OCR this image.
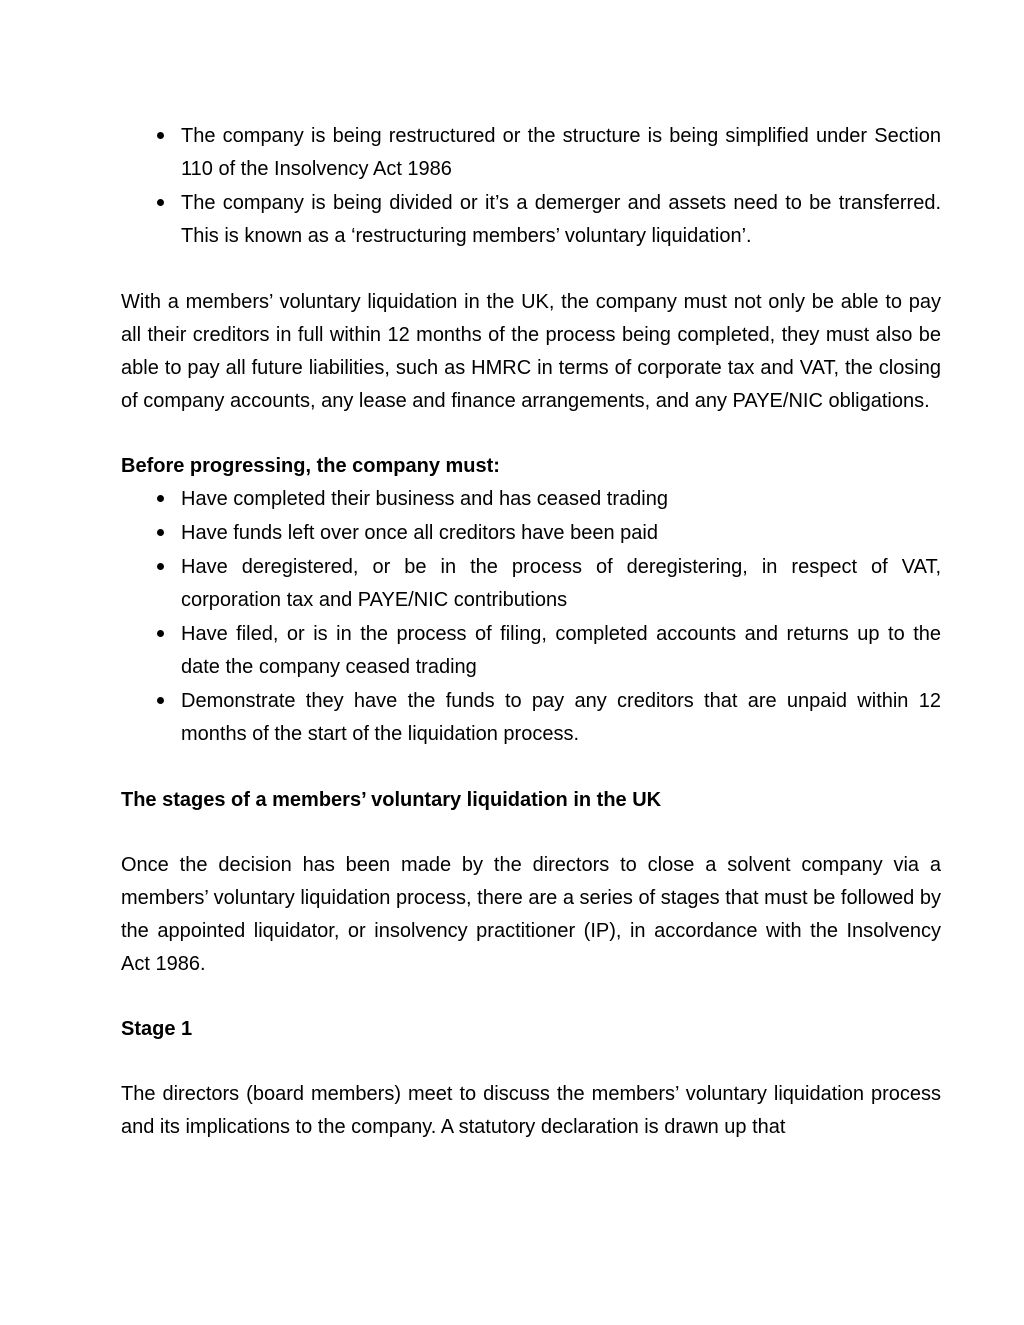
The company is being restructured or the structure is being simplified under Section 110 of the Insolvency Act 1986
The company is being divided or it’s a demerger and assets need to be transferred. This is known as a ‘restructuring members’ voluntary liquidation’.

With a members’ voluntary liquidation in the UK, the company must not only be able to pay all their creditors in full within 12 months of the process being completed, they must also be able to pay all future liabilities, such as HMRC in terms of corporate tax and VAT, the closing of company accounts, any lease and finance arrangements, and any PAYE/NIC obligations.

Before progressing, the company must:

Have completed their business and has ceased trading
Have funds left over once all creditors have been paid
Have deregistered, or be in the process of deregistering, in respect of VAT, corporation tax and PAYE/NIC contributions
Have filed, or is in the process of filing, completed accounts and returns up to the date the company ceased trading
Demonstrate they have the funds to pay any creditors that are unpaid within 12 months of the start of the liquidation process.

The stages of a members’ voluntary liquidation in the UK

Once the decision has been made by the directors to close a solvent company via a members’ voluntary liquidation process, there are a series of stages that must be followed by the appointed liquidator, or insolvency practitioner (IP), in accordance with the Insolvency Act 1986.

Stage 1

The directors (board members) meet to discuss the members’ voluntary liquidation process and its implications to the company. A statutory declaration is drawn up that
